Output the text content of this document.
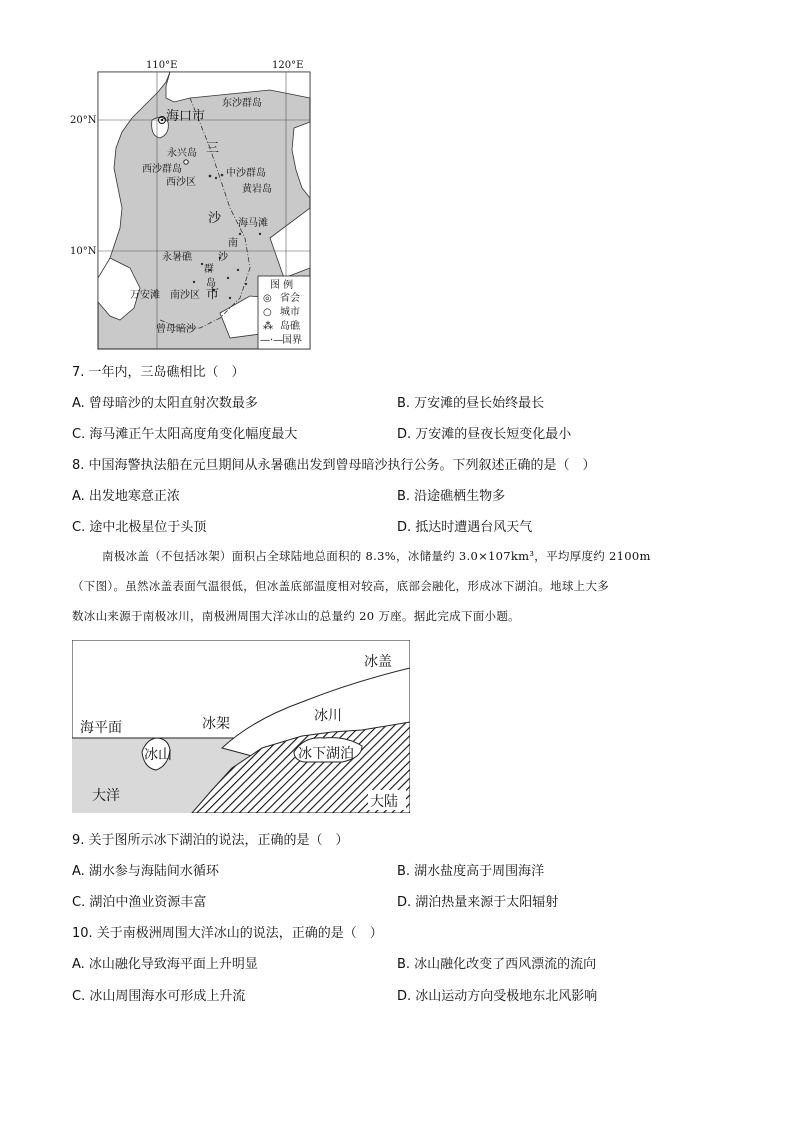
110°E	120°E
20°N
10°N
海口市
东沙群岛
永兴岛
西沙群岛
西沙区
中沙群岛
黄岩岛
海马滩
永暑礁
万安滩 南沙区
曾母暗沙
三
沙
市
南
沙
群
岛	图 例
◎ 省会
○ 城市
⁂ 岛礁
—·—
国界
7. 一年内，三岛礁相比（　）
A. 曾母暗沙的太阳直射次数最多	B. 万安滩的昼长始终最长
C. 海马滩正午太阳高度角变化幅度最大	D. 万安滩的昼夜长短变化最小
8. 中国海警执法船在元旦期间从永暑礁出发到曾母暗沙执行公务。下列叙述正确的是（　）
A. 出发地寒意正浓	B. 沿途礁栖生物多
C. 途中北极星位于头顶	D. 抵达时遭遇台风天气
南极冰盖（不包括冰架）面积占全球陆地总面积的 8.3%，冰储量约 3.0×107km³，平均厚度约 2100m
（下图）。虽然冰盖表面气温很低，但冰盖底部温度相对较高，底部会融化，形成冰下湖泊。地球上大多
数冰山来源于南极冰川，南极洲周围大洋冰山的总量约 20 万座。据此完成下面小题。
冰盖
海平面	冰架	冰川
冰山	冰下湖泊
大洋	大陆
9. 关于图所示冰下湖泊的说法，正确的是（　）
A. 湖水参与海陆间水循环	B. 湖水盐度高于周围海洋
C. 湖泊中渔业资源丰富	D. 湖泊热量来源于太阳辐射
10. 关于南极洲周围大洋冰山的说法，正确的是（　）
A. 冰山融化导致海平面上升明显	B. 冰山融化改变了西风漂流的流向
C. 冰山周围海水可形成上升流	D. 冰山运动方向受极地东北风影响
